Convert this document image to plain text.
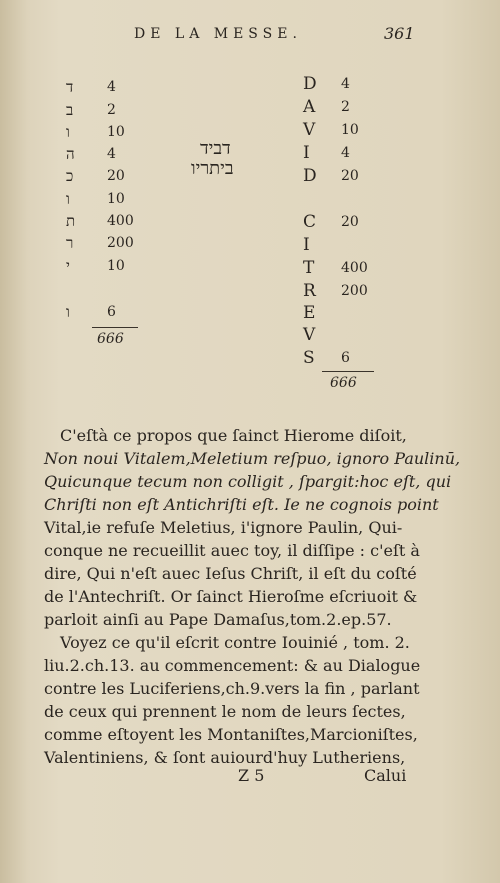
DE LA MESSE.	361
ד 4
ב 2
ו	10
ה 4
כ 20
ו	10
ת 400
ר 200
י	10
ו	6
666
דביד
ביתריו
D 4
A 2
V 10
I 4
D 20
C 20
I
T 400
R 200
E
V
S 6
666
C'eſtà ce propos que ſainct Hierome diſoit,
Non noui Vitalem,Meletium reſpuo, ignoro Paulinū,
Quicunque tecum non colligit , ſpargit:hoc eſt, qui
Chriſti non eſt Antichriſti eſt. Ie ne cognois point
Vital,ie refuſe Meletius, i'ignore Paulin, Qui-
conque ne recueillit auec toy, il diſſipe : c'eſt à
dire, Qui n'eſt auec Ieſus Chriſt, il eſt du coſté
de l'Antechriſt. Or ſainct Hieroſme eſcriuoit &
parloit ainſi au Pape Damaſus,tom.2.ep.57.
Voyez ce qu'il eſcrit contre Iouinié , tom. 2.
liu.2.ch.13. au commencement: & au Dialogue
contre les Luciferiens,ch.9.vers la fin , parlant
de ceux qui prennent le nom de leurs ſectes,
comme eſtoyent les Montaniſtes,Marcioniſtes,
Valentiniens, & ſont auiourd'huy Lutheriens,
Z 5	Calui
